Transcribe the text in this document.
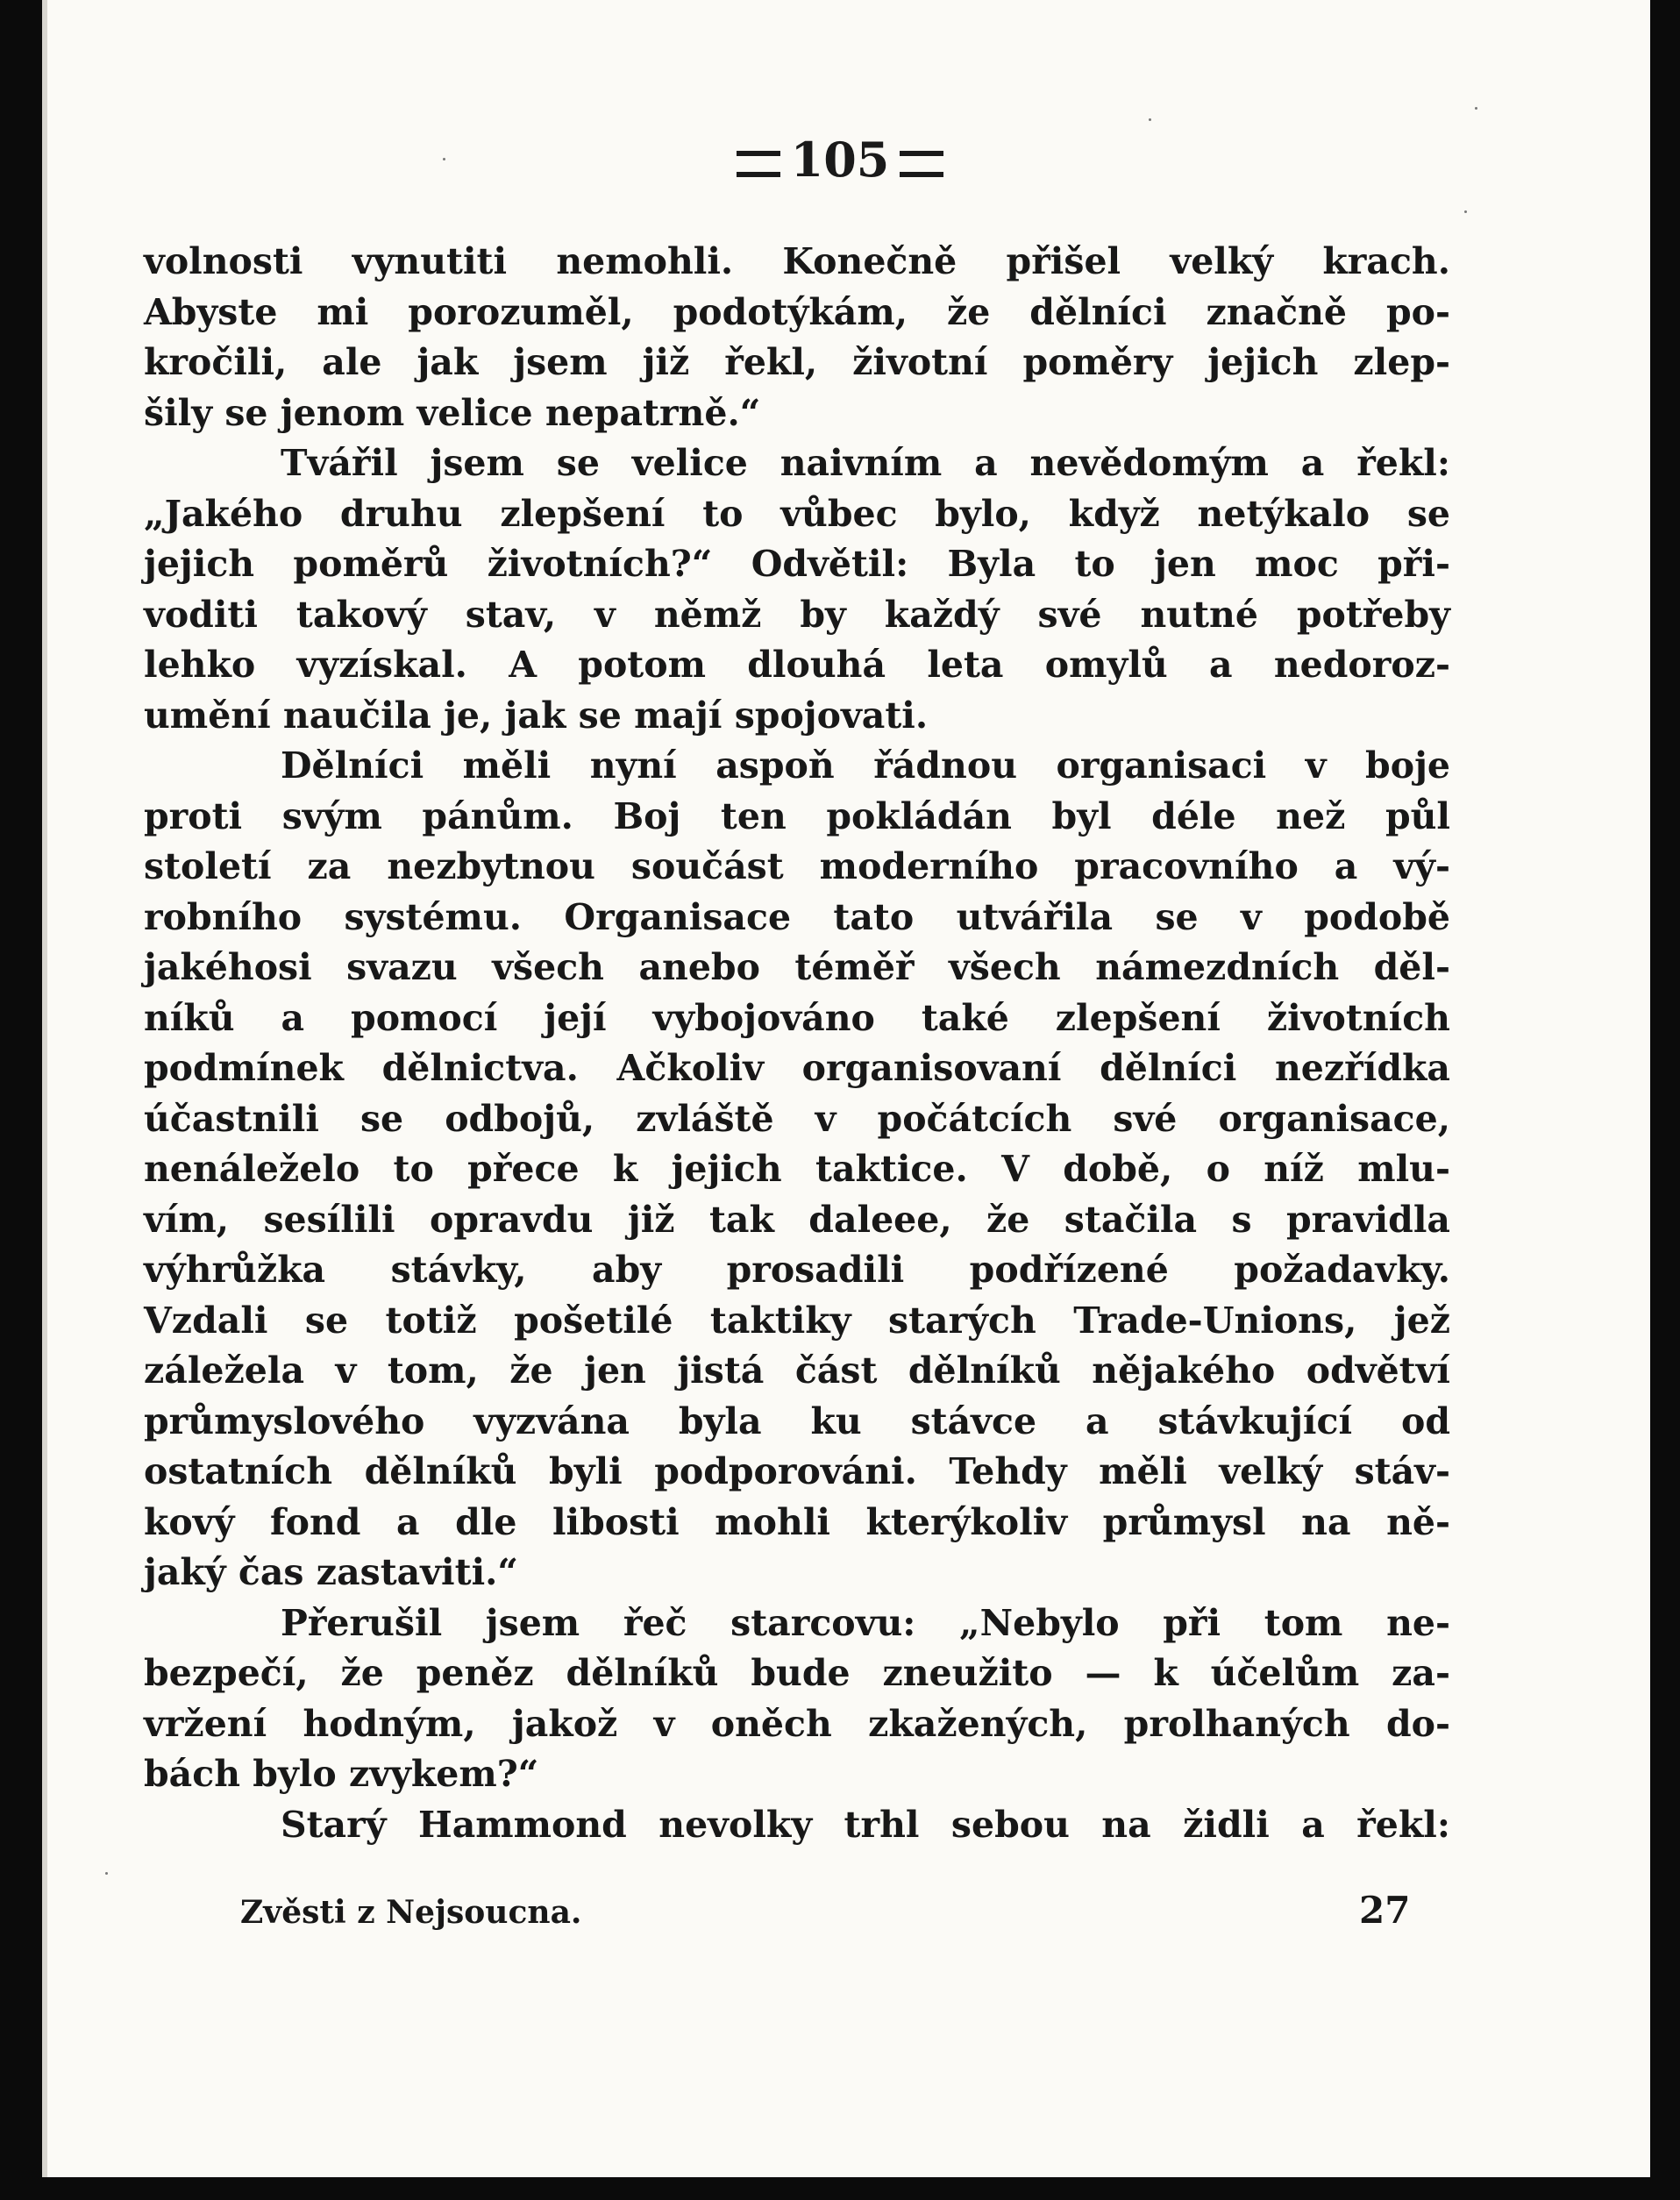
105
volnosti vynutiti nemohli. Konečně přišel velký krach.
Abyste mi porozuměl, podotýkám, že dělníci značně po-
kročili, ale jak jsem již řekl, životní poměry jejich zlep-
šily se jenom velice nepatrně.“
Tvářil jsem se velice naivním a nevědomým a řekl:
„Jakého druhu zlepšení to vůbec bylo, když netýkalo se
jejich poměrů životních?“ Odvětil: Byla to jen moc při-
voditi takový stav, v němž by každý své nutné potřeby
lehko vyzískal. A potom dlouhá leta omylů a nedoroz-
umění naučila je, jak se mají spojovati.
Dělníci měli nyní aspoň řádnou organisaci v boje
proti svým pánům. Boj ten pokládán byl déle než půl
století za nezbytnou součást moderního pracovního a vý-
robního systému. Organisace tato utvářila se v podobě
jakéhosi svazu všech anebo téměř všech námezdních děl-
níků a pomocí její vybojováno také zlepšení životních
podmínek dělnictva. Ačkoliv organisovaní dělníci nezřídka
účastnili se odbojů, zvláště v počátcích své organisace,
nenáleželo to přece k jejich taktice. V době, o níž mlu-
vím, sesílili opravdu již tak daleee, že stačila s pravidla
výhrůžka stávky, aby prosadili podřízené požadavky.
Vzdali se totiž pošetilé taktiky starých Trade-Unions, jež
záležela v tom, že jen jistá část dělníků nějakého odvětví
průmyslového vyzvána byla ku stávce a stávkující od
ostatních dělníků byli podporováni. Tehdy měli velký stáv-
kový fond a dle libosti mohli kterýkoliv průmysl na ně-
jaký čas zastaviti.“
Přerušil jsem řeč starcovu: „Nebylo při tom ne-
bezpečí, že peněz dělníků bude zneužito — k účelům za-
vržení hodným, jakož v oněch zkažených, prolhaných do-
bách bylo zvykem?“
Starý Hammond nevolky trhl sebou na židli a řekl:
Zvěsti z Nejsoucna.	27
